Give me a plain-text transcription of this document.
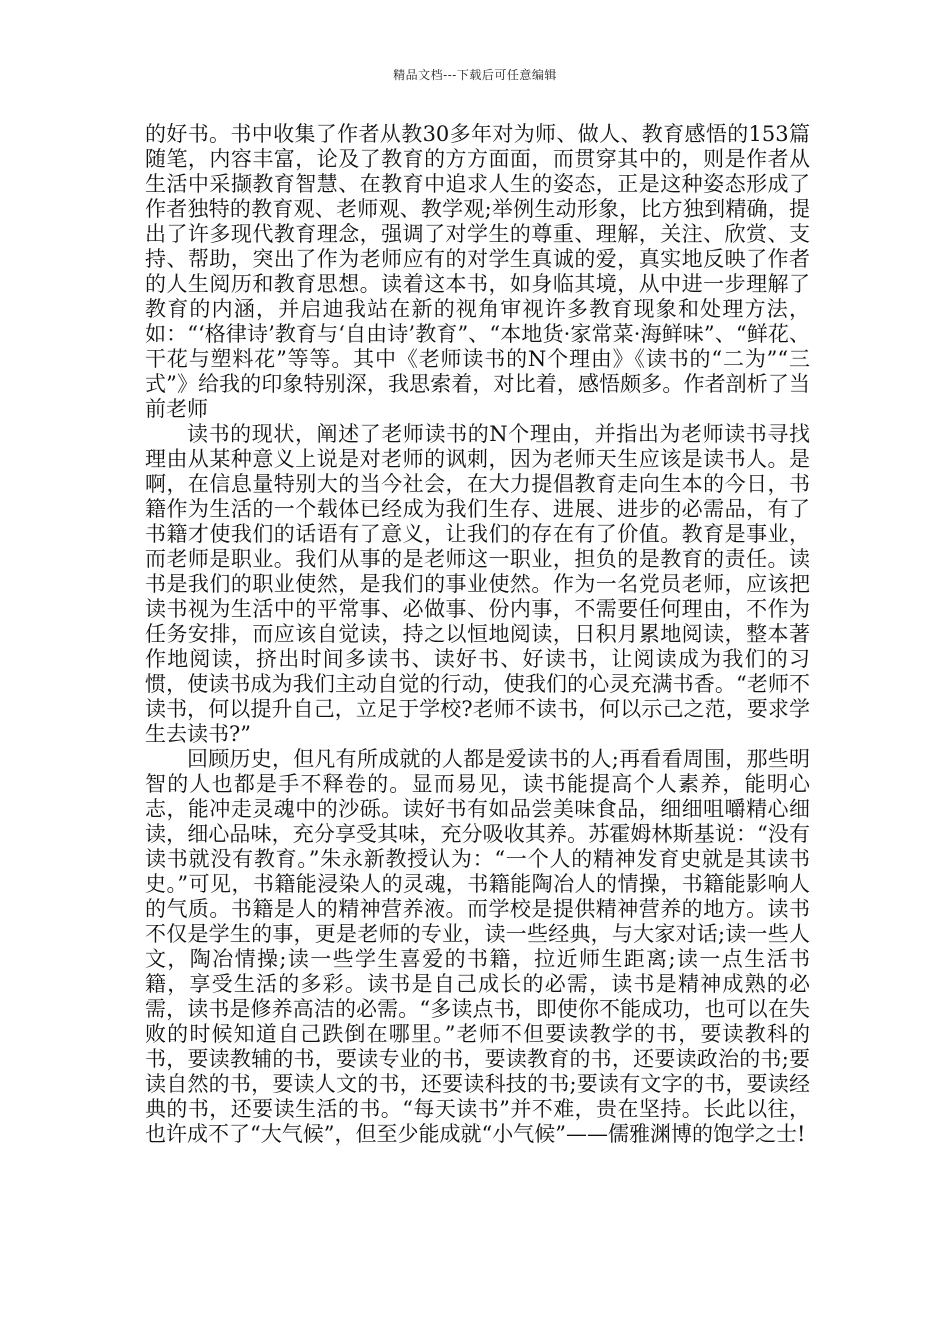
精品文档---下载后可任意编辑

的好书。书中收集了作者从教30多年对为师、做人、教育感悟的153篇随笔，内容丰富，论及了教育的方方面面，而贯穿其中的，则是作者从生活中采撷教育智慧、在教育中追求人生的姿态，正是这种姿态形成了作者独特的教育观、老师观、教学观;举例生动形象，比方独到精确，提出了许多现代教育理念，强调了对学生的尊重、理解，关注、欣赏、支持、帮助，突出了作为老师应有的对学生真诚的爱，真实地反映了作者的人生阅历和教育思想。读着这本书，如身临其境，从中进一步理解了教育的内涵，并启迪我站在新的视角审视许多教育现象和处理方法，如：“‘格律诗’教育与‘自由诗’教育”、“本地货·家常菜·海鲜味”、“鲜花、干花与塑料花”等等。其中《老师读书的N个理由》《读书的“二为”“三式”》给我的印象特别深，我思索着，对比着，感悟颇多。作者剖析了当前老师

读书的现状，阐述了老师读书的N个理由，并指出为老师读书寻找理由从某种意义上说是对老师的讽刺，因为老师天生应该是读书人。是啊，在信息量特别大的当今社会，在大力提倡教育走向生本的今日，书籍作为生活的一个载体已经成为我们生存、进展、进步的必需品，有了书籍才使我们的话语有了意义，让我们的存在有了价值。教育是事业，而老师是职业。我们从事的是老师这一职业，担负的是教育的责任。读书是我们的职业使然，是我们的事业使然。作为一名党员老师，应该把读书视为生活中的平常事、必做事、份内事，不需要任何理由，不作为任务安排，而应该自觉读，持之以恒地阅读，日积月累地阅读，整本著作地阅读，挤出时间多读书、读好书、好读书，让阅读成为我们的习惯，使读书成为我们主动自觉的行动，使我们的心灵充满书香。“老师不读书，何以提升自己，立足于学校?老师不读书，何以示己之范，要求学生去读书?”

回顾历史，但凡有所成就的人都是爱读书的人;再看看周围，那些明智的人也都是手不释卷的。显而易见，读书能提高个人素养，能明心志，能冲走灵魂中的沙砾。读好书有如品尝美味食品，细细咀嚼精心细读，细心品味，充分享受其味，充分吸收其养。苏霍姆林斯基说：“没有读书就没有教育。”朱永新教授认为：“一个人的精神发育史就是其读书史。”可见，书籍能浸染人的灵魂，书籍能陶冶人的情操，书籍能影响人的气质。书籍是人的精神营养液。而学校是提供精神营养的地方。读书不仅是学生的事，更是老师的专业，读一些经典，与大家对话;读一些人文，陶冶情操;读一些学生喜爱的书籍，拉近师生距离;读一点生活书籍，享受生活的多彩。读书是自己成长的必需，读书是精神成熟的必需，读书是修养高洁的必需。“多读点书，即使你不能成功，也可以在失败的时候知道自己跌倒在哪里。”老师不但要读教学的书，要读教科的书，要读教辅的书，要读专业的书，要读教育的书，还要读政治的书;要读自然的书，要读人文的书，还要读科技的书;要读有文字的书，要读经典的书，还要读生活的书。“每天读书”并不难，贵在坚持。长此以往，也许成不了“大气候”，但至少能成就“小气候”——儒雅渊博的饱学之士!
